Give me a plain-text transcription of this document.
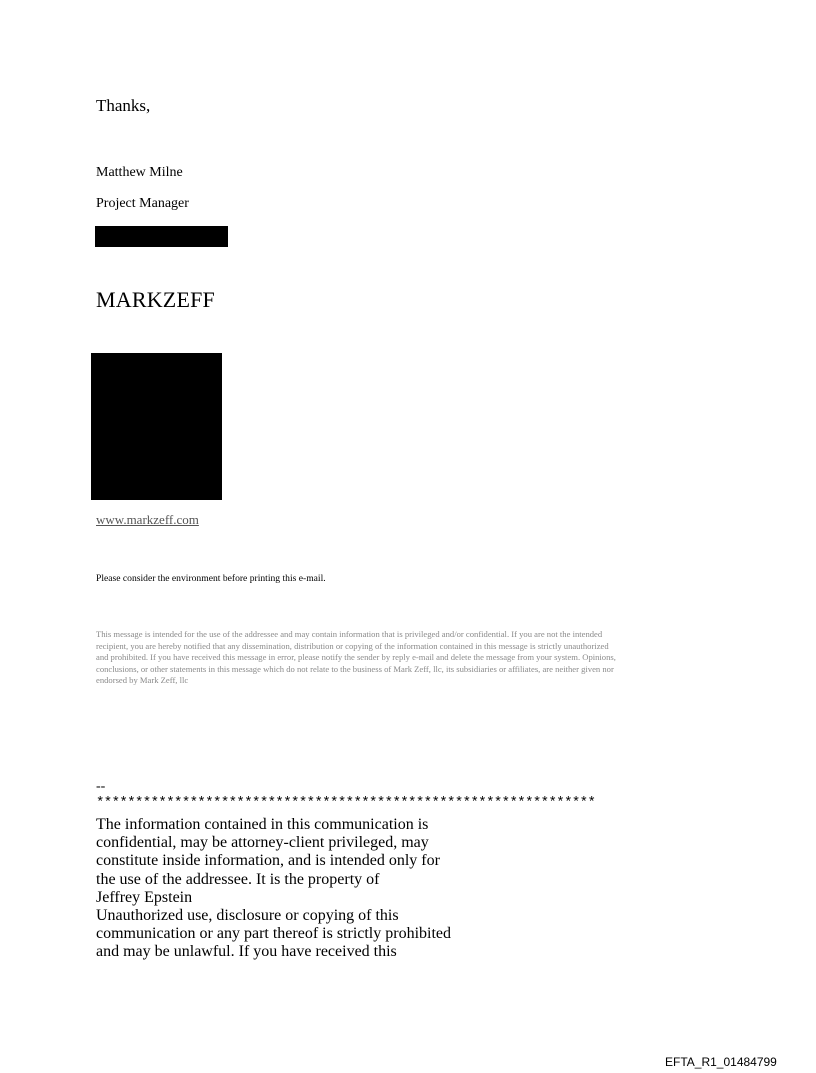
Thanks,
Matthew Milne
Project Manager
MARKZEFF
www.markzeff.com
Please consider the environment before printing this e-mail.
This message is intended for the use of the addressee and may contain information that is privileged and/or confidential. If you are not the intended
recipient, you are hereby notified that any dissemination, distribution or copying of the information contained in this message is strictly unauthorized
and prohibited. If you have received this message in error, please notify the sender by reply e-mail and delete the message from your system. Opinions,
conclusions, or other statements in this message which do not relate to the business of Mark Zeff, llc, its subsidiaries or affiliates, are neither given nor
endorsed by Mark Zeff, llc
--
****************************************************************
The information contained in this communication is
confidential, may be attorney-client privileged, may
constitute inside information, and is intended only for
the use of the addressee. It is the property of
Jeffrey Epstein
Unauthorized use, disclosure or copying of this
communication or any part thereof is strictly prohibited
and may be unlawful. If you have received this
EFTA_R1_01484799
